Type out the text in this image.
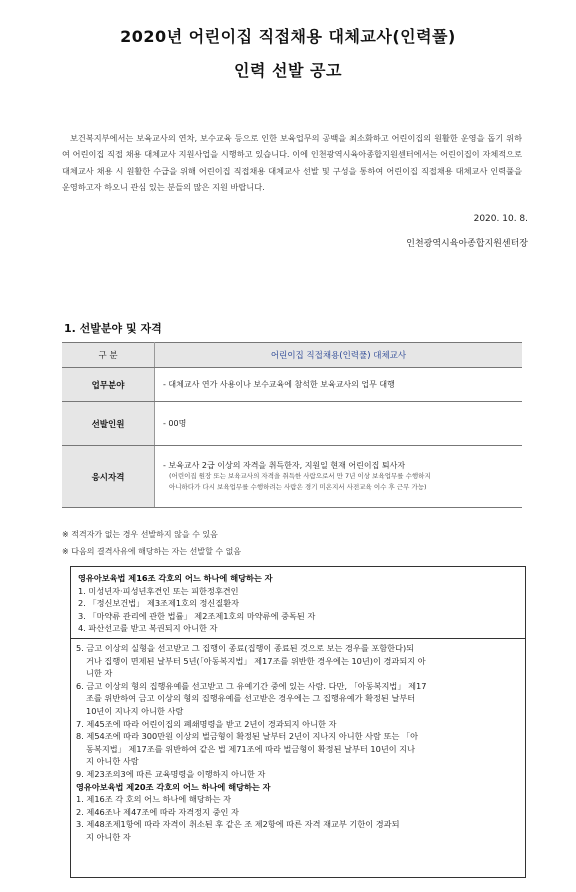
2020년 어린이집 직접채용 대체교사(인력풀)
인력 선발 공고
보건복지부에서는 보육교사의 연차, 보수교육 등으로 인한 보육업무의 공백을 최소화하고 어린이집의 원활한 운영을 돕기 위하여 어린이집 직접 채용 대체교사 지원사업을 시행하고 있습니다. 이에 인천광역시육아종합지원센터에서는 어린이집이 자체적으로 대체교사 채용 시 원활한 수급을 위해 어린이집 직접채용 대체교사 선발 및 구성을 통하여 어린이집 직접채용 대체교사 인력풀을 운영하고자 하오니 관심 있는 분들의 많은 지원 바랍니다.
2020. 10. 8.
인천광역시육아종합지원센터장
1. 선발분야 및 자격
구 분	어린이집 직접채용(인력풀) 대체교사
업무분야	- 대체교사 연가 사용이나 보수교육에 참석한 보육교사의 업무 대행
선발인원	- 00명
응시자격	- 보육교사 2급 이상의 자격을 취득한자, 지원일 현재 어린이집 퇴사자
(어린이집 원장 또는 보육교사의 자격을 취득한 사람으로서 만 7년 이상 보육업무를 수행하지
아니하다가 다시 보육업무를 수행하려는 사람은 경기 미온지서 사전교육 이수 후 근무 가능)
※ 적격자가 없는 경우 선발하지 않을 수 있음
※ 다음의 결격사유에 해당하는 자는 선발할 수 없음
영유아보육법 제16조 각호의 어느 하나에 해당하는 자
1. 미성년자·피성년후견인 또는 피한정후견인
2. 「정신보건법」 제3조제1호의 정신질환자
3. 「마약류 관리에 관한 법률」 제2조제1호의 마약류에 중독된 자
4. 파산선고를 받고 복권되지 아니한 자
5. 금고 이상의 실형을 선고받고 그 집행이 종료(집행이 종료된 것으로 보는 경우를 포함한다)되
거나 집행이 면제된 날부터 5년(「아동복지법」 제17조를 위반한 경우에는 10년)이 경과되지 아
니한 자
6. 금고 이상의 형의 집행유예를 선고받고 그 유예기간 중에 있는 사람. 다만, 「아동복지법」 제17
조를 위반하여 금고 이상의 형의 집행유예를 선고받은 경우에는 그 집행유예가 확정된 날부터
10년이 지나지 아니한 사람
7. 제45조에 따라 어린이집의 폐쇄명령을 받고 2년이 경과되지 아니한 자
8. 제54조에 따라 300만원 이상의 벌금형이 확정된 날부터 2년이 지나지 아니한 사람 또는 「아
동복지법」 제17조를 위반하여 같은 법 제71조에 따라 벌금형이 확정된 날부터 10년이 지나
지 아니한 사람
9. 제23조의3에 따른 교육명령을 이행하지 아니한 자
영유아보육법 제20조 각호의 어느 하나에 해당하는 자
1. 제16조 각 호의 어느 하나에 해당하는 자
2. 제46조나 제47조에 따라 자격정지 중인 자
3. 제48조제1항에 따라 자격이 취소된 후 같은 조 제2항에 따른 자격 재교부 기한이 경과되
지 아니한 자
